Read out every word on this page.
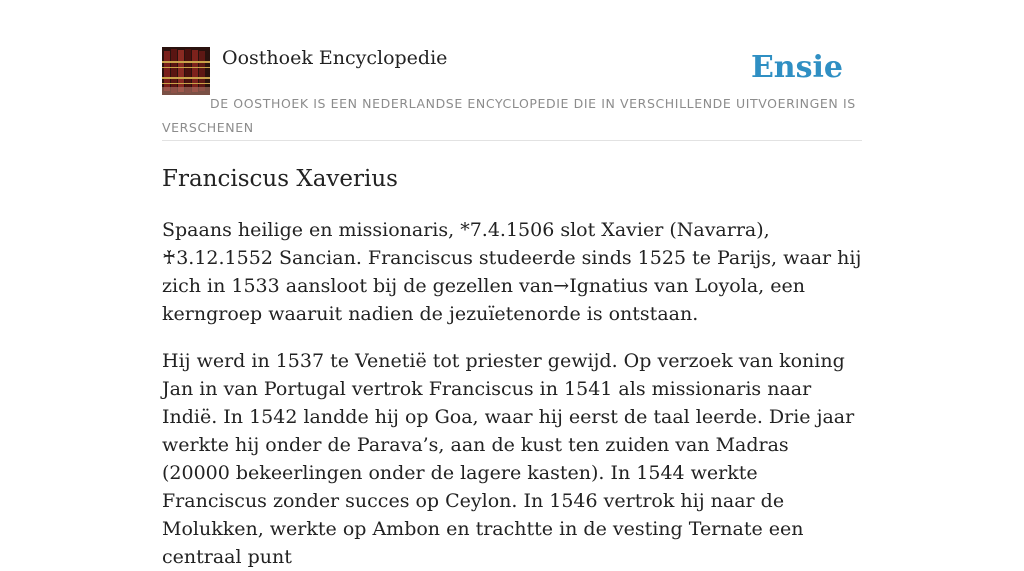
Oosthoek Encyclopedie	Ensie
DE OOSTHOEK IS EEN NEDERLANDSE ENCYCLOPEDIE DIE IN VERSCHILLENDE UITVOERINGEN IS VERSCHENEN
Franciscus Xaverius

Spaans heilige en missionaris, *7.4.1506 slot Xavier (Navarra), ♰3.12.1552 Sancian. Franciscus studeerde sinds 1525 te Parijs, waar hij zich in 1533 aansloot bij de gezellen van→Ignatius van Loyola, een kerngroep waaruit nadien de jezuïetenorde is ontstaan.

Hij werd in 1537 te Venetië tot priester gewijd. Op verzoek van koning Jan in van Portugal vertrok Franciscus in 1541 als missionaris naar Indië. In 1542 landde hij op Goa, waar hij eerst de taal leerde. Drie jaar werkte hij onder de Parava’s, aan de kust ten zuiden van Madras (20000 bekeerlingen onder de lagere kasten). In 1544 werkte Franciscus zonder succes op Ceylon. In 1546 vertrok hij naar de Molukken, werkte op Ambon en trachtte in de vesting Ternate een centraal punt
